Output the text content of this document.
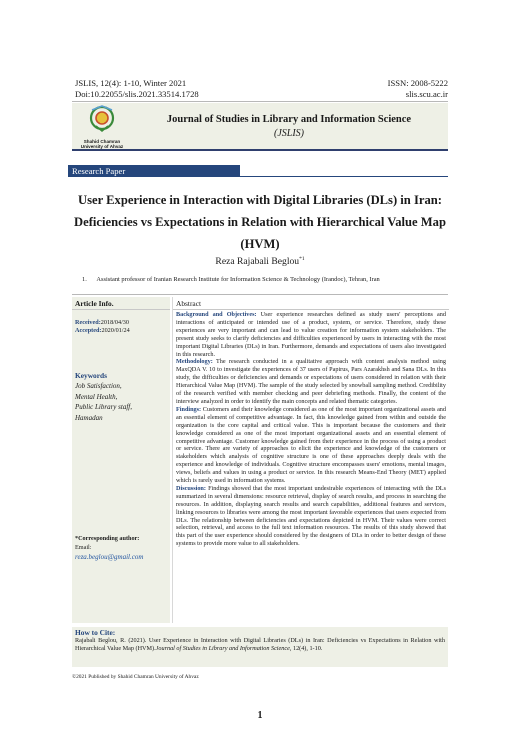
JSLIS, 12(4): 1-10, Winter 2021
Doi:10.22055/slis.2021.33514.1728
ISSN: 2008-5222
slis.scu.ac.ir
Shahid Chamran
University of Ahvaz
Journal of Studies in Library and Information Science
(JSLIS)
Research Paper
User Experience in Interaction with Digital Libraries (DLs) in Iran: Deficiencies vs Expectations in Relation with Hierarchical Value Map (HVM)
Reza Rajabali Beglou$^{*1}$
1. Assistant professor of Iranian Research Institute for Information Science & Technology (Irandoc), Tehran, Iran
Article Info.
Received:2018/04/30
Accepted:2020/01/24
Keywords
Job Satisfaction,
Mental Health,
Public Library staff,
Hamadan
*Corresponding author:
Email:
reza.beglou@gmail.com
Abstract
Background and Objectives: User experience researches defined as study users' perceptions and interactions of anticipated or intended use of a product, system, or service. Therefore, study these experiences are very important and can lead to value creation for information system stakeholders. The present study seeks to clarify deficiencies and difficulties experienced by users in interacting with the most important Digital Libraries (DLs) in Iran. Furthermore, demands and expectations of users also investigated in this research.
Methodology: The research conducted in a qualitative approach with content analysis method using MaxQDA V. 10 to investigate the experiences of 37 users of Papirus, Pars Azarakhsh and Sana DLs. In this study, the difficulties or deficiencies and demands or expectations of users considered in relation with their Hierarchical Value Map (HVM). The sample of the study selected by snowball sampling method. Credibility of the research verified with member checking and peer debriefing methods. Finally, the content of the interview analyzed in order to identify the main concepts and related thematic categories.
Findings: Customers and their knowledge considered as one of the most important organizational assets and an essential element of competitive advantage. In fact, this knowledge gained from within and outside the organization is the core capital and critical value. This is important because the customers and their knowledge considered as one of the most important organizational assets and an essential element of competitive advantage. Customer knowledge gained from their experience in the process of using a product or service. There are variety of approaches to elicit the experience and knowledge of the customers or stakeholders which analysis of cognitive structure is one of these approaches deeply deals with the experience and knowledge of individuals. Cognitive structure encompasses users' emotions, mental images, views, beliefs and values in using a product or service. In this research Means-End Theory (MET) applied which is rarely used in information systems.
Discussion: Findings showed that the most important undesirable experiences of interacting with the DLs summarized in several dimensions: resource retrieval, display of search results, and process in searching the resources. In addition, displaying search results and search capabilities, additional features and services, linking resources to libraries were among the most important favorable experiences that users expected from DLs. The relationship between deficiencies and expectations depicted in HVM. Their values were correct selection, retrieval, and access to the full text information resources. The results of this study showed that this part of the user experience should considered by the designers of DLs in order to better design of these systems to provide more value to all stakeholders.
How to Cite:
Rajabali Beglou, R. (2021). User Experience in Interaction with Digital Libraries (DLs) in Iran: Deficiencies vs Expectations in Relation with Hierarchical Value Map (HVM).Journal of Studies in Library and Information Science, 12(4), 1-10.
©2021 Published by Shahid Chamran University of Ahvaz
1
